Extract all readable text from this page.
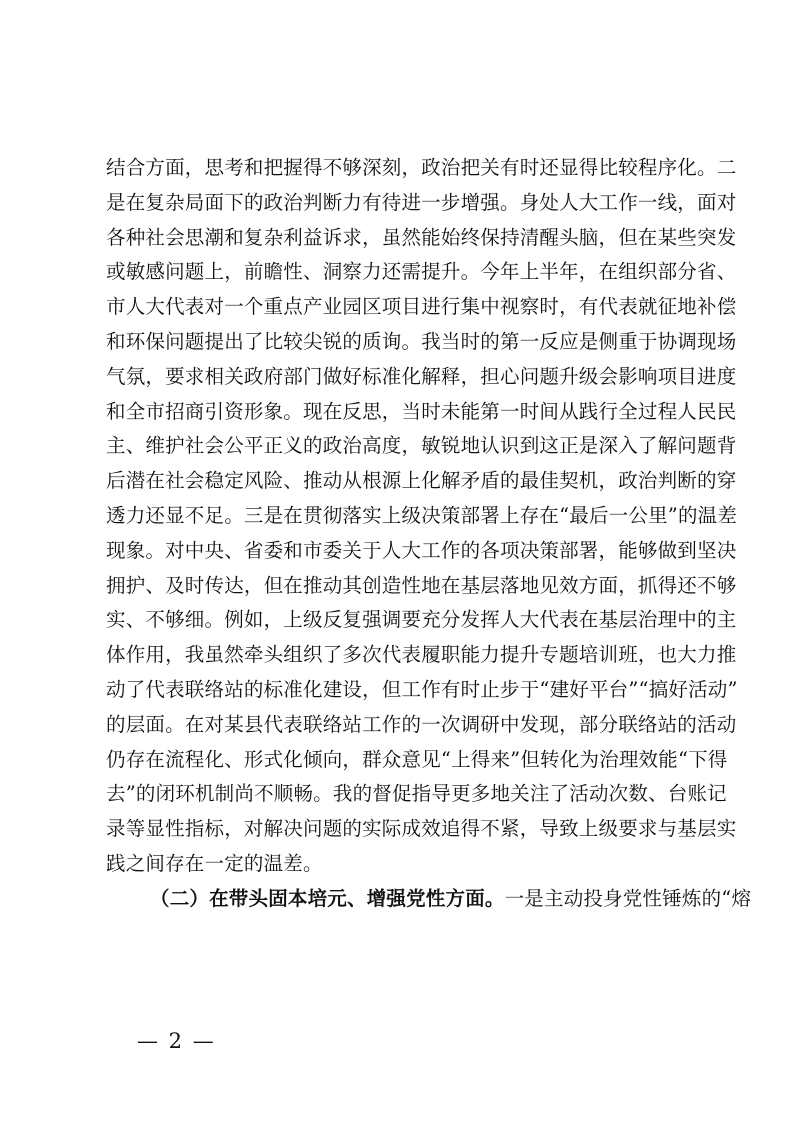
结合方面，思考和把握得不够深刻，政治把关有时还显得比较程序化。二
是在复杂局面下的政治判断力有待进一步增强。身处人大工作一线，面对
各种社会思潮和复杂利益诉求，虽然能始终保持清醒头脑，但在某些突发
或敏感问题上，前瞻性、洞察力还需提升。今年上半年，在组织部分省、
市人大代表对一个重点产业园区项目进行集中视察时，有代表就征地补偿
和环保问题提出了比较尖锐的质询。我当时的第一反应是侧重于协调现场
气氛，要求相关政府部门做好标准化解释，担心问题升级会影响项目进度
和全市招商引资形象。现在反思，当时未能第一时间从践行全过程人民民
主、维护社会公平正义的政治高度，敏锐地认识到这正是深入了解问题背
后潜在社会稳定风险、推动从根源上化解矛盾的最佳契机，政治判断的穿
透力还显不足。三是在贯彻落实上级决策部署上存在“最后一公里”的温差
现象。对中央、省委和市委关于人大工作的各项决策部署，能够做到坚决
拥护、及时传达，但在推动其创造性地在基层落地见效方面，抓得还不够
实、不够细。例如，上级反复强调要充分发挥人大代表在基层治理中的主
体作用，我虽然牵头组织了多次代表履职能力提升专题培训班，也大力推
动了代表联络站的标准化建设，但工作有时止步于“建好平台”“搞好活动”
的层面。在对某县代表联络站工作的一次调研中发现，部分联络站的活动
仍存在流程化、形式化倾向，群众意见“上得来”但转化为治理效能“下得
去”的闭环机制尚不顺畅。我的督促指导更多地关注了活动次数、台账记
录等显性指标，对解决问题的实际成效追得不紧，导致上级要求与基层实
践之间存在一定的温差。
（二）在带头固本培元、增强党性方面。一是主动投身党性锤炼的“熔
— 2 —
